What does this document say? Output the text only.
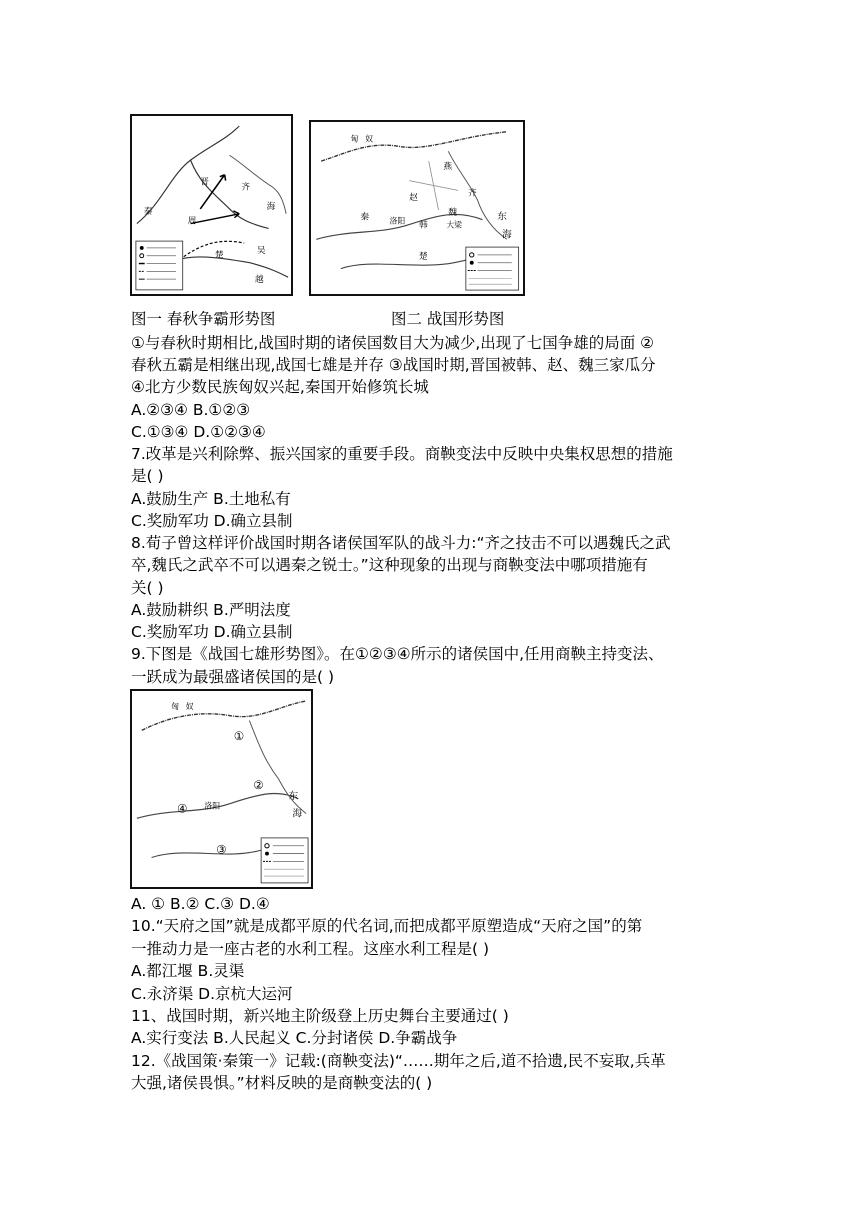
齐
楚
秦
周
晋
吴
越
海
燕
赵
秦	魏
韩
楚
齐
洛阳	大梁
东
海
匈 奴
图一 春秋争霸形势图	图二 战国形势图
①与春秋时期相比,战国时期的诸侯国数目大为减少,出现了七国争雄的局面 ②
春秋五霸是相继出现,战国七雄是并存 ③战国时期,晋国被韩、赵、魏三家瓜分
④北方少数民族匈奴兴起,秦国开始修筑长城
A.②③④ B.①②③
C.①③④ D.①②③④
7.改革是兴利除弊、振兴国家的重要手段。商鞅变法中反映中央集权思想的措施
是( )
A.鼓励生产 B.土地私有
C.奖励军功 D.确立县制
8.荀子曾这样评价战国时期各诸侯国军队的战斗力:“齐之技击不可以遇魏氏之武
卒,魏氏之武卒不可以遇秦之锐士。”这种现象的出现与商鞅变法中哪项措施有
关( )
A.鼓励耕织 B.严明法度
C.奖励军功 D.确立县制
9.下图是《战国七雄形势图》。在①②③④所示的诸侯国中,任用商鞅主持变法、
一跃成为最强盛诸侯国的是( )
①
②
③
④ 洛阳
匈 奴
东
海
A. ① B.② C.③ D.④
10.“天府之国”就是成都平原的代名词,而把成都平原塑造成“天府之国”的第
一推动力是一座古老的水利工程。这座水利工程是( )
A.都江堰 B.灵渠
C.永济渠 D.京杭大运河
11、战国时期，新兴地主阶级登上历史舞台主要通过( )
A.实行变法 B.人民起义 C.分封诸侯 D.争霸战争
12.《战国策·秦策一》记载:(商鞅变法)“……期年之后,道不拾遗,民不妄取,兵革
大强,诸侯畏惧。”材料反映的是商鞅变法的( )
